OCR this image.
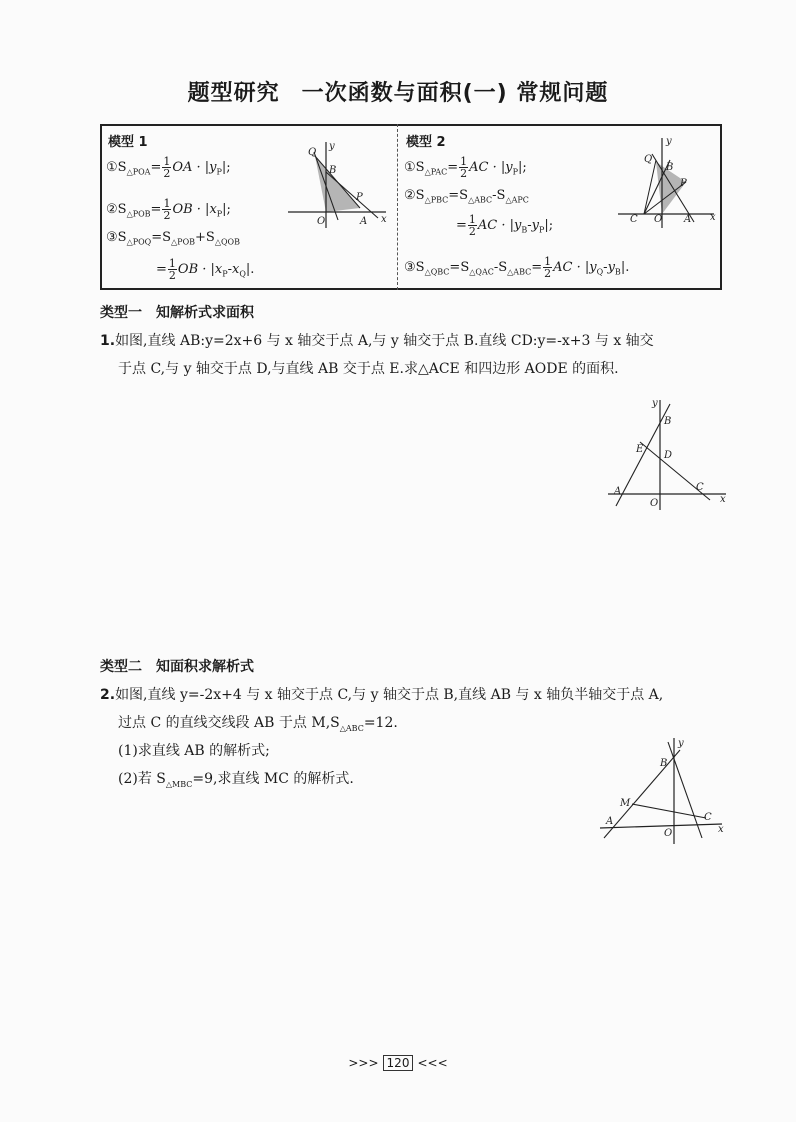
题型研究 一次函数与面积(一) 常规问题
模型 1
$①S_{\triangle POA}= \frac{1}{2}$ OA · $|y_P|$;
$②S_{\triangle POB}= \frac{1}{2}$ OB · $|x_P|$;
$③S_{\triangle POQ}=S_{\triangle POB}+S_{\triangle QOB}$
= $\frac{1}{2}$ OB · $|x_P-x_Q|$.
Q
y
B
P
O	A x
模型 2
$①S_{\triangle PAC}= \frac{1}{2}$ AC · $|y_P|$;
$②S_{\triangle PBC}=S_{\triangle ABC}-S_{\triangle APC}$
= $\frac{1}{2}$ AC · $|y_B-y_P|$;
$③S_{\triangle QBC}=S_{\triangle QAC}-S_{\triangle ABC}= \frac{1}{2}$ AC · $|y_Q-y_B|$.
Q
y
B
P
C O A x
类型一　知解析式求面积
1.如图,直线 AB:y=2x+6 与 x 轴交于点 A,与 y 轴交于点 B.直线 CD:y=-x+3 与 x 轴交
于点 C,与 y 轴交于点 D,与直线 AB 交于点 E.求△ACE 和四边形 AODE 的面积.
y
B
E
D
A	C
O	x
类型二　知面积求解析式
2.如图,直线 y=-2x+4 与 x 轴交于点 C,与 y 轴交于点 B,直线 AB 与 x 轴负半轴交于点 A,
过点 C 的直线交线段 AB 于点 $M,S_{\triangle ABC}=12$.
(1)求直线 AB 的解析式;
(2)若 $S_{\triangle MBC}=9$,求直线 MC 的解析式.
y
B
M
A
O
C
x
>>> 120 <<<
